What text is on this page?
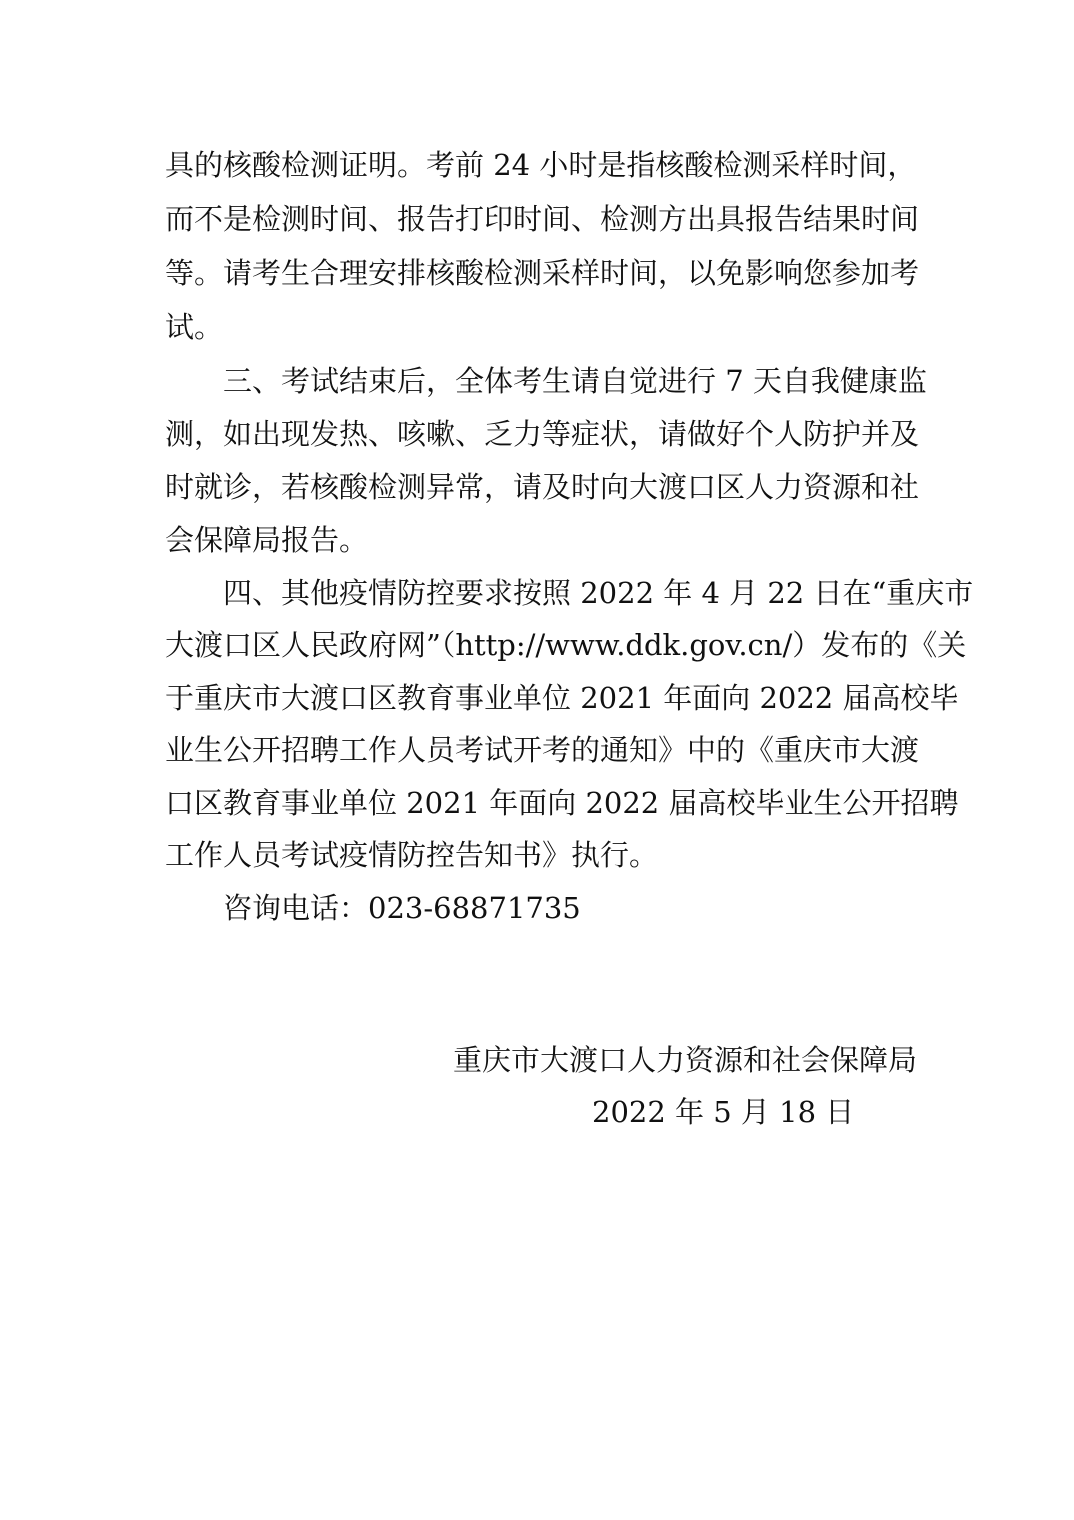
具的核酸检测证明。考前 24 小时是指核酸检测采样时间，
而不是检测时间、报告打印时间、检测方出具报告结果时间
等。请考生合理安排核酸检测采样时间，以免影响您参加考
试。
三、考试结束后，全体考生请自觉进行 7 天自我健康监
测，如出现发热、咳嗽、乏力等症状，请做好个人防护并及
时就诊，若核酸检测异常，请及时向大渡口区人力资源和社
会保障局报告。
四、其他疫情防控要求按照 2022 年 4 月 22 日在“重庆市
大渡口区人民政府网”（http://www.ddk.gov.cn/）发布的《关
于重庆市大渡口区教育事业单位 2021 年面向 2022 届高校毕
业生公开招聘工作人员考试开考的通知》中的《重庆市大渡
口区教育事业单位 2021 年面向 2022 届高校毕业生公开招聘
工作人员考试疫情防控告知书》执行。
咨询电话：023-68871735
重庆市大渡口人力资源和社会保障局
2022 年 5 月 18 日
